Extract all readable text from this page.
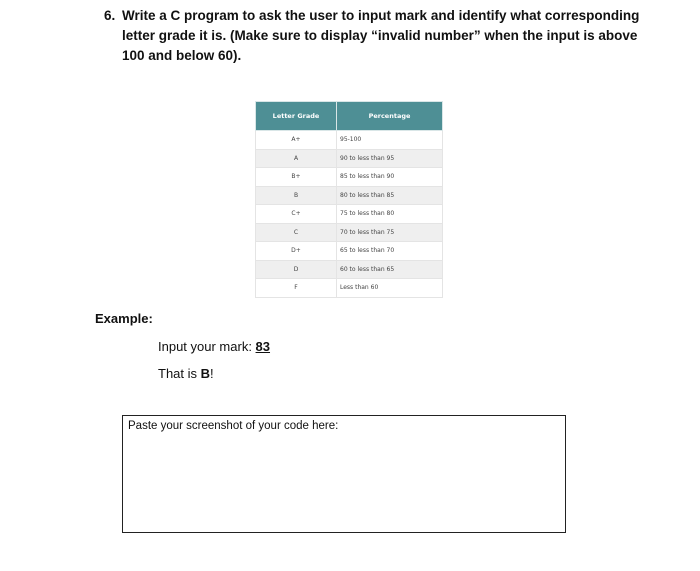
6. Write a C program to ask the user to input mark and identify what corresponding letter grade it is. (Make sure to display “invalid number” when the input is above 100 and below 60).
Letter Grade	Percentage
A+	95-100
A	90 to less than 95
B+	85 to less than 90
B	80 to less than 85
C+	75 to less than 80
C	70 to less than 75
D+	65 to less than 70
D	60 to less than 65
F	Less than 60
Example:
Input your mark: 83
That is B!
Paste your screenshot of your code here:
